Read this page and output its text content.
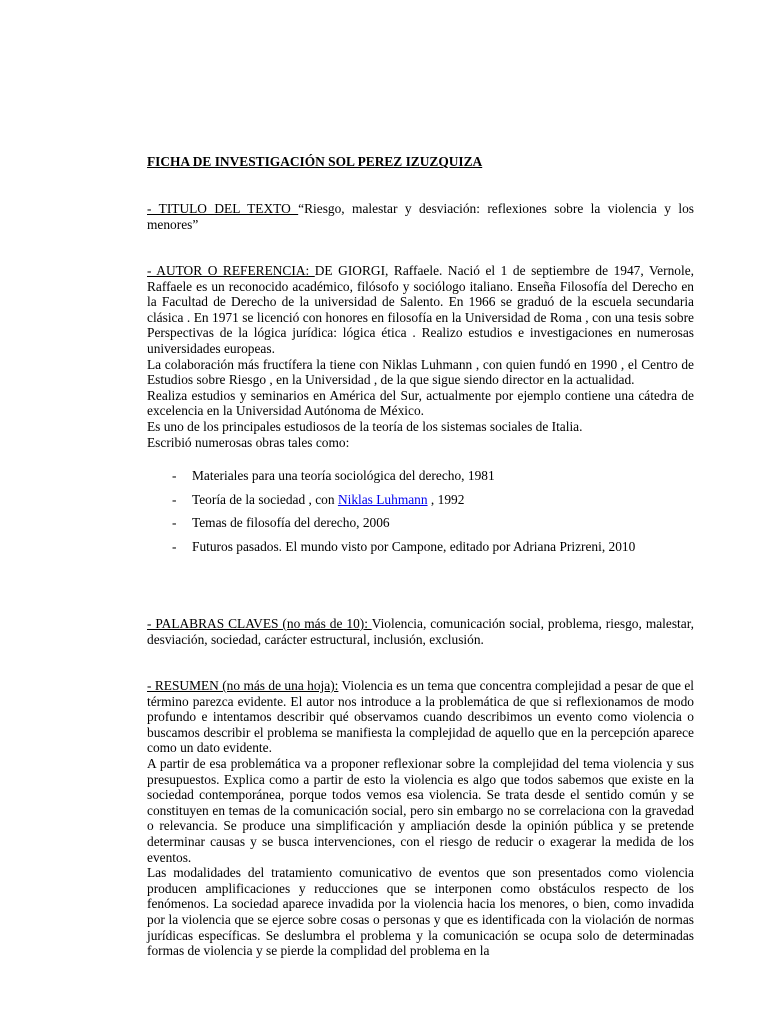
FICHA DE INVESTIGACIÓN SOL PEREZ IZUZQUIZA

- TITULO DEL TEXTO “Riesgo, malestar y desviación: reflexiones sobre la violencia y los menores”

- AUTOR O REFERENCIA: DE GIORGI, Raffaele. Nació el 1 de septiembre de 1947, Vernole, Raffaele es un reconocido académico, filósofo y sociólogo italiano. Enseña Filosofía del Derecho en la Facultad de Derecho de la universidad de Salento. En 1966 se graduó de la escuela secundaria clásica . En 1971 se licenció con honores en filosofía en la Universidad de Roma , con una tesis sobre Perspectivas de la lógica jurídica: lógica ética . Realizo estudios e investigaciones en numerosas universidades europeas.

La colaboración más fructífera la tiene con Niklas Luhmann , con quien fundó en 1990 , el Centro de Estudios sobre Riesgo , en la Universidad , de la que sigue siendo director en la actualidad.

Realiza estudios y seminarios en América del Sur, actualmente por ejemplo contiene una cátedra de excelencia en la Universidad Autónoma de México.

Es uno de los principales estudiosos de la teoría de los sistemas sociales de Italia.

Escribió numerosas obras tales como:

- Materiales para una teoría sociológica del derecho, 1981
- Teoría de la sociedad , con Niklas Luhmann , 1992
- Temas de filosofía del derecho, 2006
- Futuros pasados. El mundo visto por Campone, editado por Adriana Prizreni, 2010

- PALABRAS CLAVES (no más de 10): Violencia, comunicación social, problema, riesgo, malestar, desviación, sociedad, carácter estructural, inclusión, exclusión.

- RESUMEN (no más de una hoja): Violencia es un tema que concentra complejidad a pesar de que el término parezca evidente. El autor nos introduce a la problemática de que si reflexionamos de modo profundo e intentamos describir qué observamos cuando describimos un evento como violencia o buscamos describir el problema se manifiesta la complejidad de aquello que en la percepción aparece como un dato evidente.

A partir de esa problemática va a proponer reflexionar sobre la complejidad del tema violencia y sus presupuestos. Explica como a partir de esto la violencia es algo que todos sabemos que existe en la sociedad contemporánea, porque todos vemos esa violencia. Se trata desde el sentido común y se constituyen en temas de la comunicación social, pero sin embargo no se correlaciona con la gravedad o relevancia. Se produce una simplificación y ampliación desde la opinión pública y se pretende determinar causas y se busca intervenciones, con el riesgo de reducir o exagerar la medida de los eventos.

Las modalidades del tratamiento comunicativo de eventos que son presentados como violencia producen amplificaciones y reducciones que se interponen como obstáculos respecto de los fenómenos. La sociedad aparece invadida por la violencia hacia los menores, o bien, como invadida por la violencia que se ejerce sobre cosas o personas y que es identificada con la violación de normas jurídicas específicas. Se deslumbra el problema y la comunicación se ocupa solo de determinadas formas de violencia y se pierde la complidad del problema en la
